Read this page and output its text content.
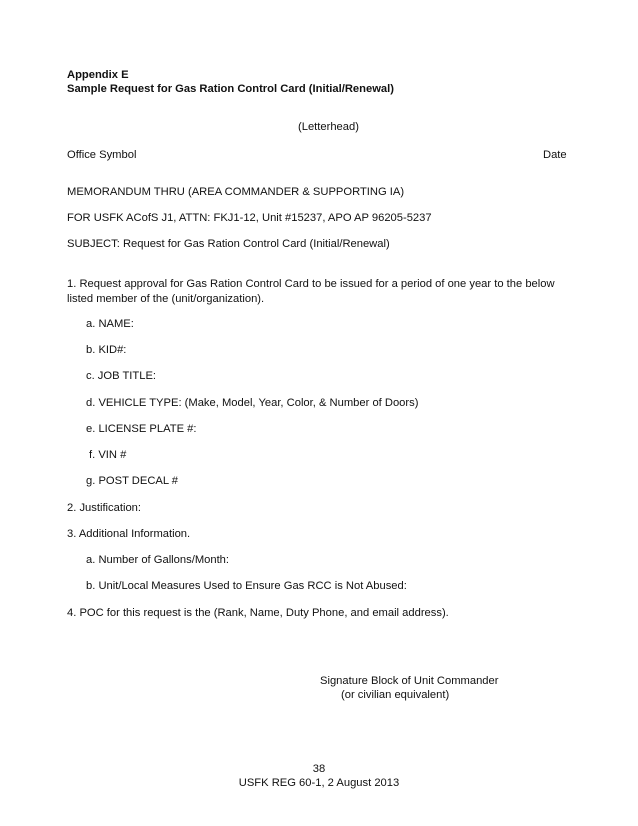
Appendix E
Sample Request for Gas Ration Control Card (Initial/Renewal)
(Letterhead)
Office Symbol	Date
MEMORANDUM THRU (AREA COMMANDER & SUPPORTING IA)
FOR USFK ACofS J1, ATTN: FKJ1-12, Unit #15237, APO AP 96205-5237
SUBJECT: Request for Gas Ration Control Card (Initial/Renewal)
1. Request approval for Gas Ration Control Card to be issued for a period of one year to the below listed member of the (unit/organization).
a. NAME:
b. KID#:
c. JOB TITLE:
d. VEHICLE TYPE: (Make, Model, Year, Color, & Number of Doors)
e. LICENSE PLATE #:
f. VIN #
g. POST DECAL #
2. Justification:
3. Additional Information.
a. Number of Gallons/Month:
b. Unit/Local Measures Used to Ensure Gas RCC is Not Abused:
4. POC for this request is the (Rank, Name, Duty Phone, and email address).
Signature Block of Unit Commander
(or civilian equivalent)
38
USFK REG 60-1, 2 August 2013
